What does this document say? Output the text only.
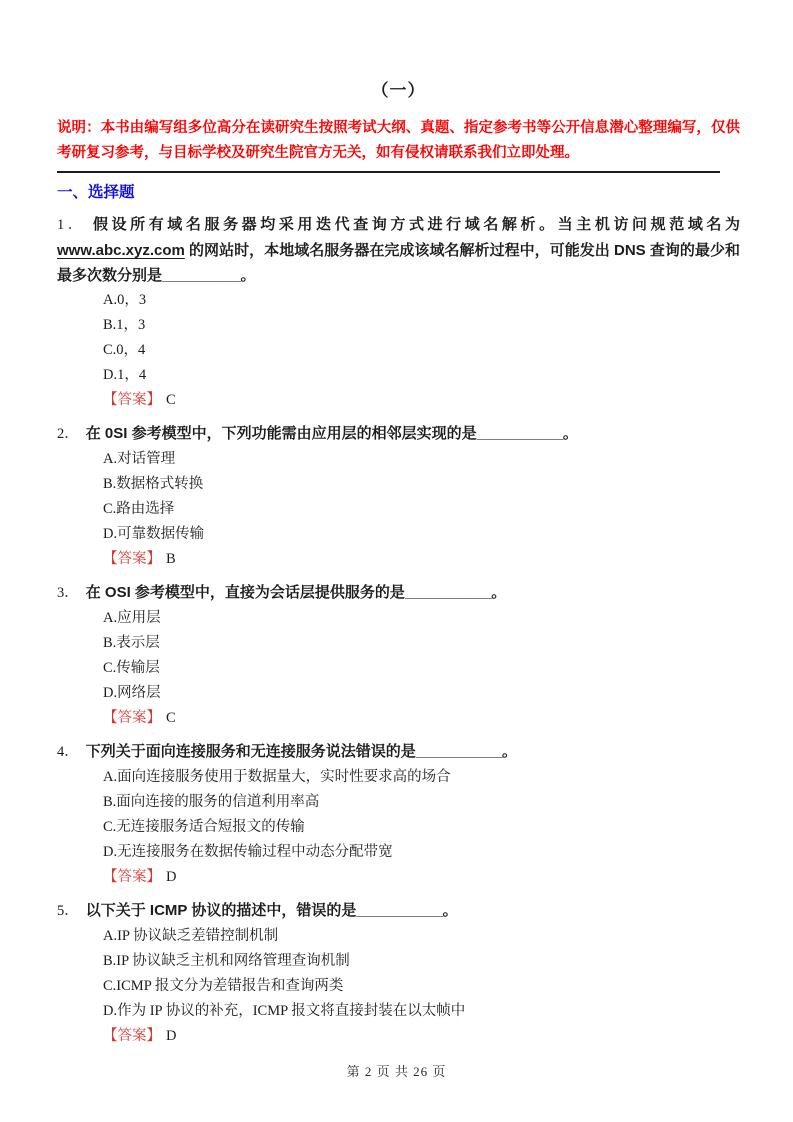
（一）
说明：本书由编写组多位高分在读研究生按照考试大纲、真题、指定参考书等公开信息潜心整理编写，仅供考研复习参考，与目标学校及研究生院官方无关，如有侵权请联系我们立即处理。
一、选择题
1． 假设所有域名服务器均采用迭代查询方式进行域名解析。当主机访问规范域名为 www.abc.xyz.com 的网站时，本地域名服务器在完成该域名解析过程中，可能发出 DNS 查询的最少和最多次数分别是__________。
A.0，3
B.1，3
C.0，4
D.1，4
【答案】 C
2． 在 0SI 参考模型中，下列功能需由应用层的相邻层实现的是___________。
A.对话管理
B.数据格式转换
C.路由选择
D.可靠数据传输
【答案】 B
3． 在 OSI 参考模型中，直接为会话层提供服务的是___________。
A.应用层
B.表示层
C.传输层
D.网络层
【答案】 C
4． 下列关于面向连接服务和无连接服务说法错误的是___________。
A.面向连接服务使用于数据量大，实时性要求高的场合
B.面向连接的服务的信道利用率高
C.无连接服务适合短报文的传输
D.无连接服务在数据传输过程中动态分配带宽
【答案】 D
5． 以下关于 ICMP 协议的描述中，错误的是___________。
A.IP 协议缺乏差错控制机制
B.IP 协议缺乏主机和网络管理查询机制
C.ICMP 报文分为差错报告和查询两类
D.作为 IP 协议的补充，ICMP 报文将直接封装在以太帧中
【答案】 D
第 2 页 共 26 页
